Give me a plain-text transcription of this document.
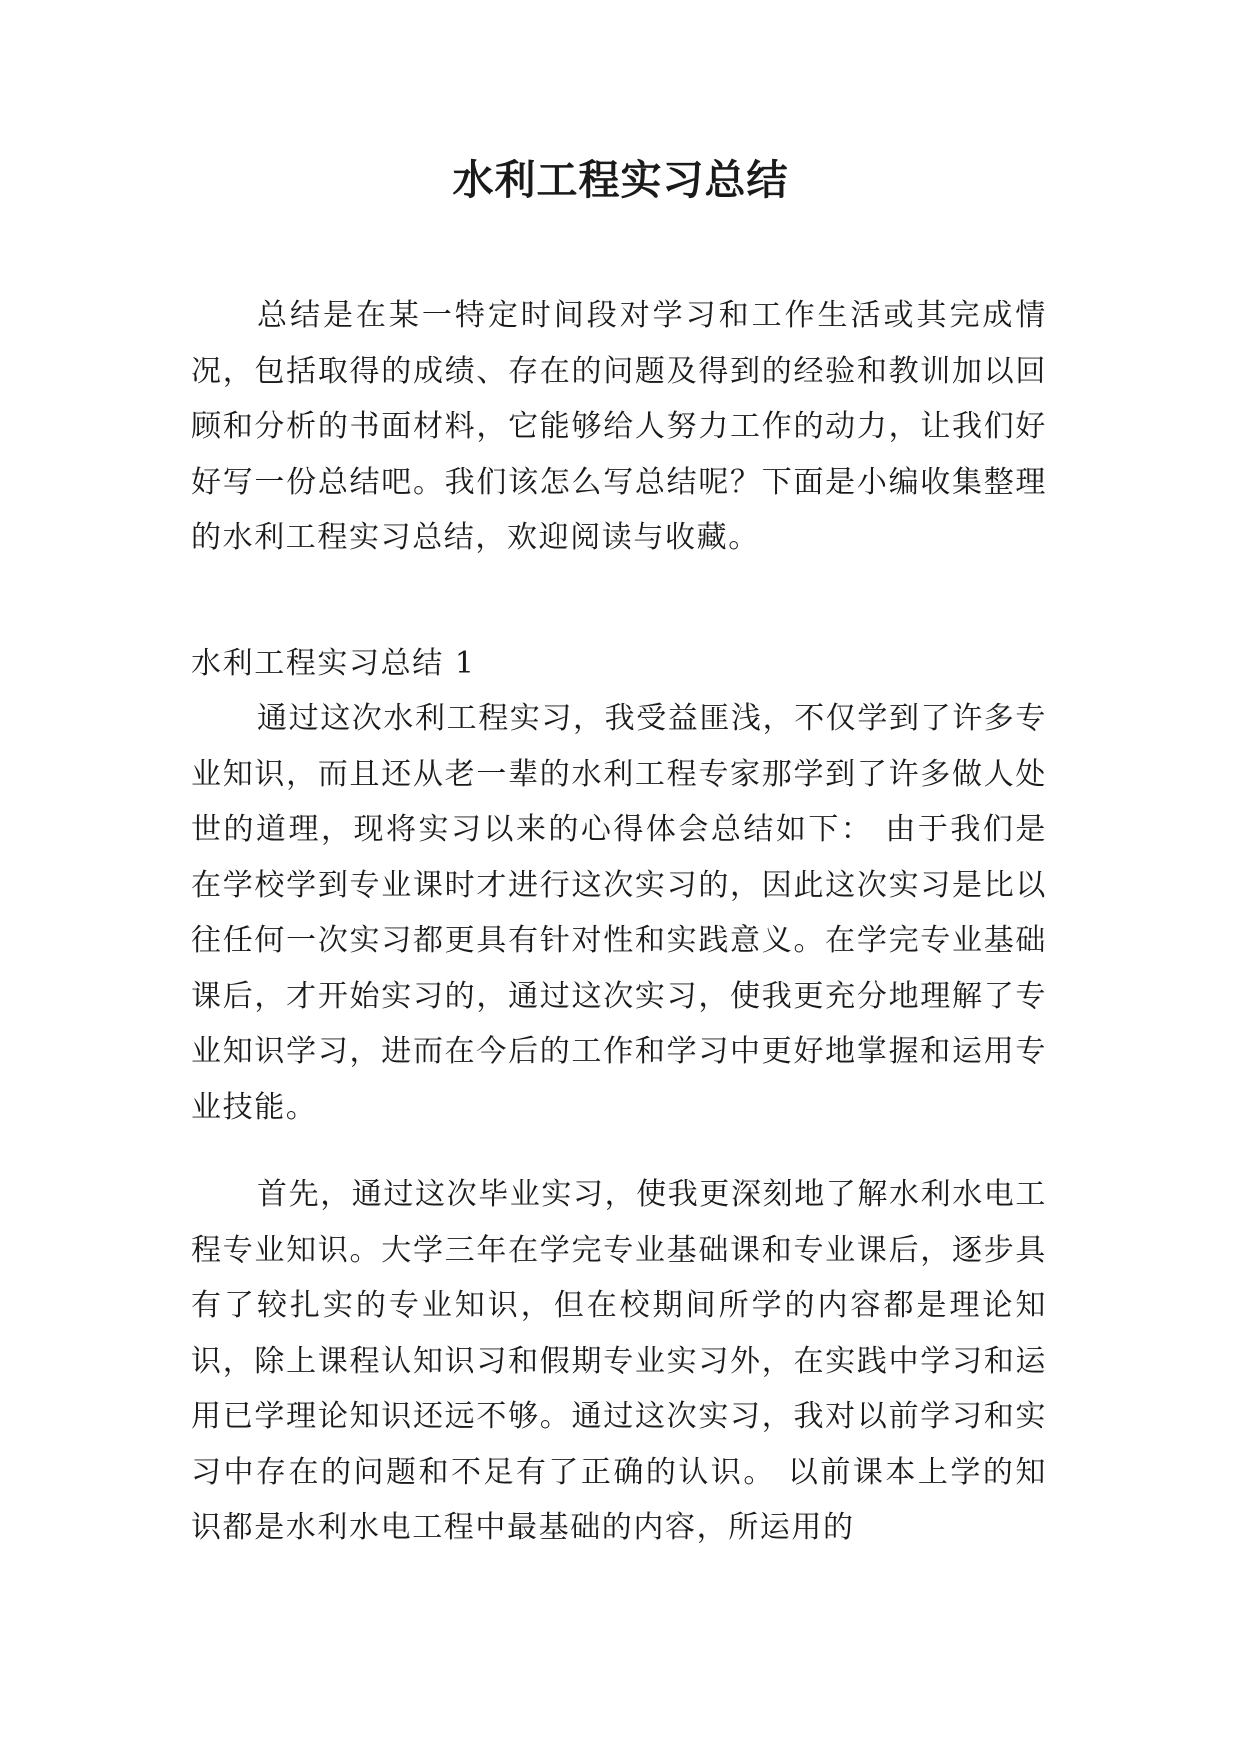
水利工程实习总结

总结是在某一特定时间段对学习和工作生活或其完成情况，包括取得的成绩、存在的问题及得到的经验和教训加以回顾和分析的书面材料，它能够给人努力工作的动力，让我们好好写一份总结吧。我们该怎么写总结呢？下面是小编收集整理的水利工程实习总结，欢迎阅读与收藏。

水利工程实习总结 1

通过这次水利工程实习，我受益匪浅，不仅学到了许多专业知识，而且还从老一辈的水利工程专家那学到了许多做人处世的道理，现将实习以来的心得体会总结如下： 由于我们是在学校学到专业课时才进行这次实习的，因此这次实习是比以往任何一次实习都更具有针对性和实践意义。在学完专业基础课后，才开始实习的，通过这次实习，使我更充分地理解了专业知识学习，进而在今后的工作和学习中更好地掌握和运用专业技能。

首先，通过这次毕业实习，使我更深刻地了解水利水电工程专业知识。大学三年在学完专业基础课和专业课后，逐步具有了较扎实的专业知识，但在校期间所学的内容都是理论知识，除上课程认知识习和假期专业实习外，在实践中学习和运用已学理论知识还远不够。通过这次实习，我对以前学习和实习中存在的问题和不足有了正确的认识。 以前课本上学的知识都是水利水电工程中最基础的内容，所运用的
